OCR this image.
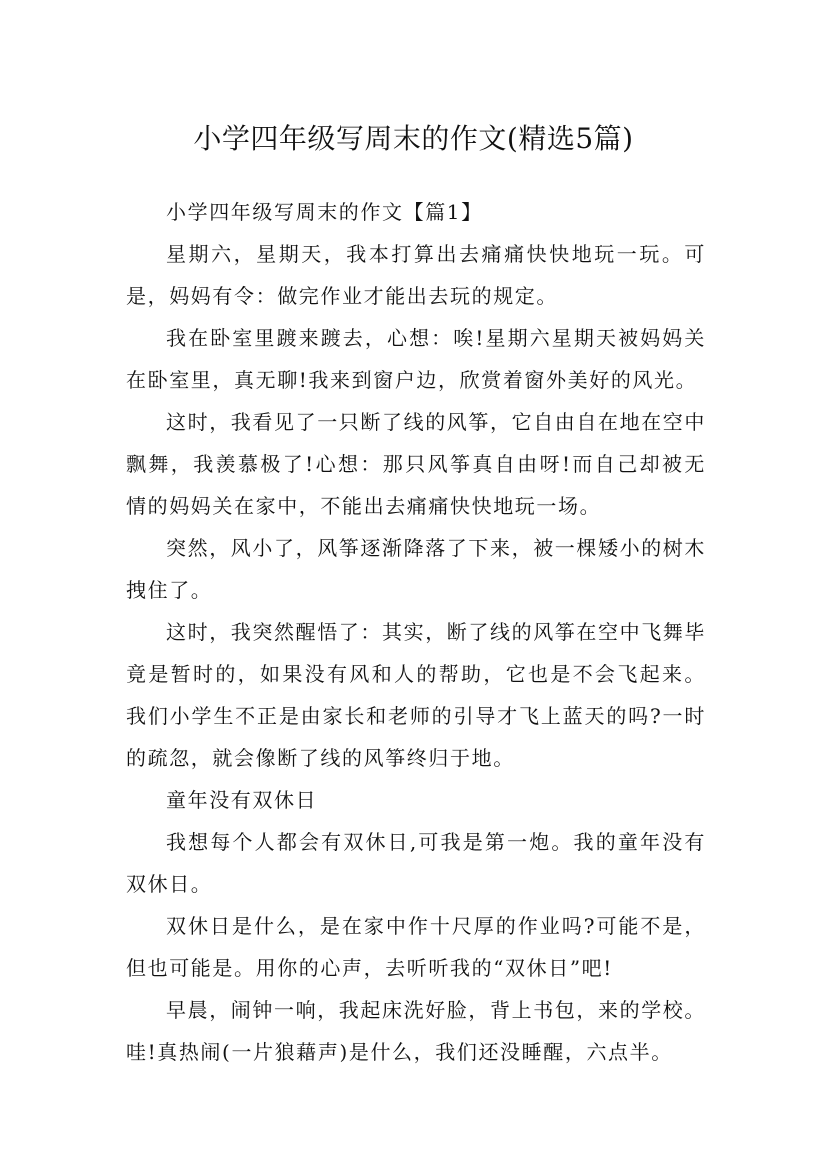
小学四年级写周末的作文(精选5篇)

小学四年级写周末的作文【篇1】

星期六，星期天，我本打算出去痛痛快快地玩一玩。可是，妈妈有令：做完作业才能出去玩的规定。

我在卧室里踱来踱去，心想：唉!星期六星期天被妈妈关在卧室里，真无聊!我来到窗户边，欣赏着窗外美好的风光。

这时，我看见了一只断了线的风筝，它自由自在地在空中飘舞，我羡慕极了!心想：那只风筝真自由呀!而自己却被无情的妈妈关在家中，不能出去痛痛快快地玩一场。

突然，风小了，风筝逐渐降落了下来，被一棵矮小的树木拽住了。

这时，我突然醒悟了：其实，断了线的风筝在空中飞舞毕竟是暂时的，如果没有风和人的帮助，它也是不会飞起来。我们小学生不正是由家长和老师的引导才飞上蓝天的吗?一时的疏忽，就会像断了线的风筝终归于地。

童年没有双休日

我想每个人都会有双休日,可我是第一炮。我的童年没有双休日。

双休日是什么，是在家中作十尺厚的作业吗?可能不是，但也可能是。用你的心声，去听听我的“双休日”吧!

早晨，闹钟一响，我起床洗好脸，背上书包，来的学校。哇!真热闹(一片狼藉声)是什么，我们还没睡醒，六点半。
